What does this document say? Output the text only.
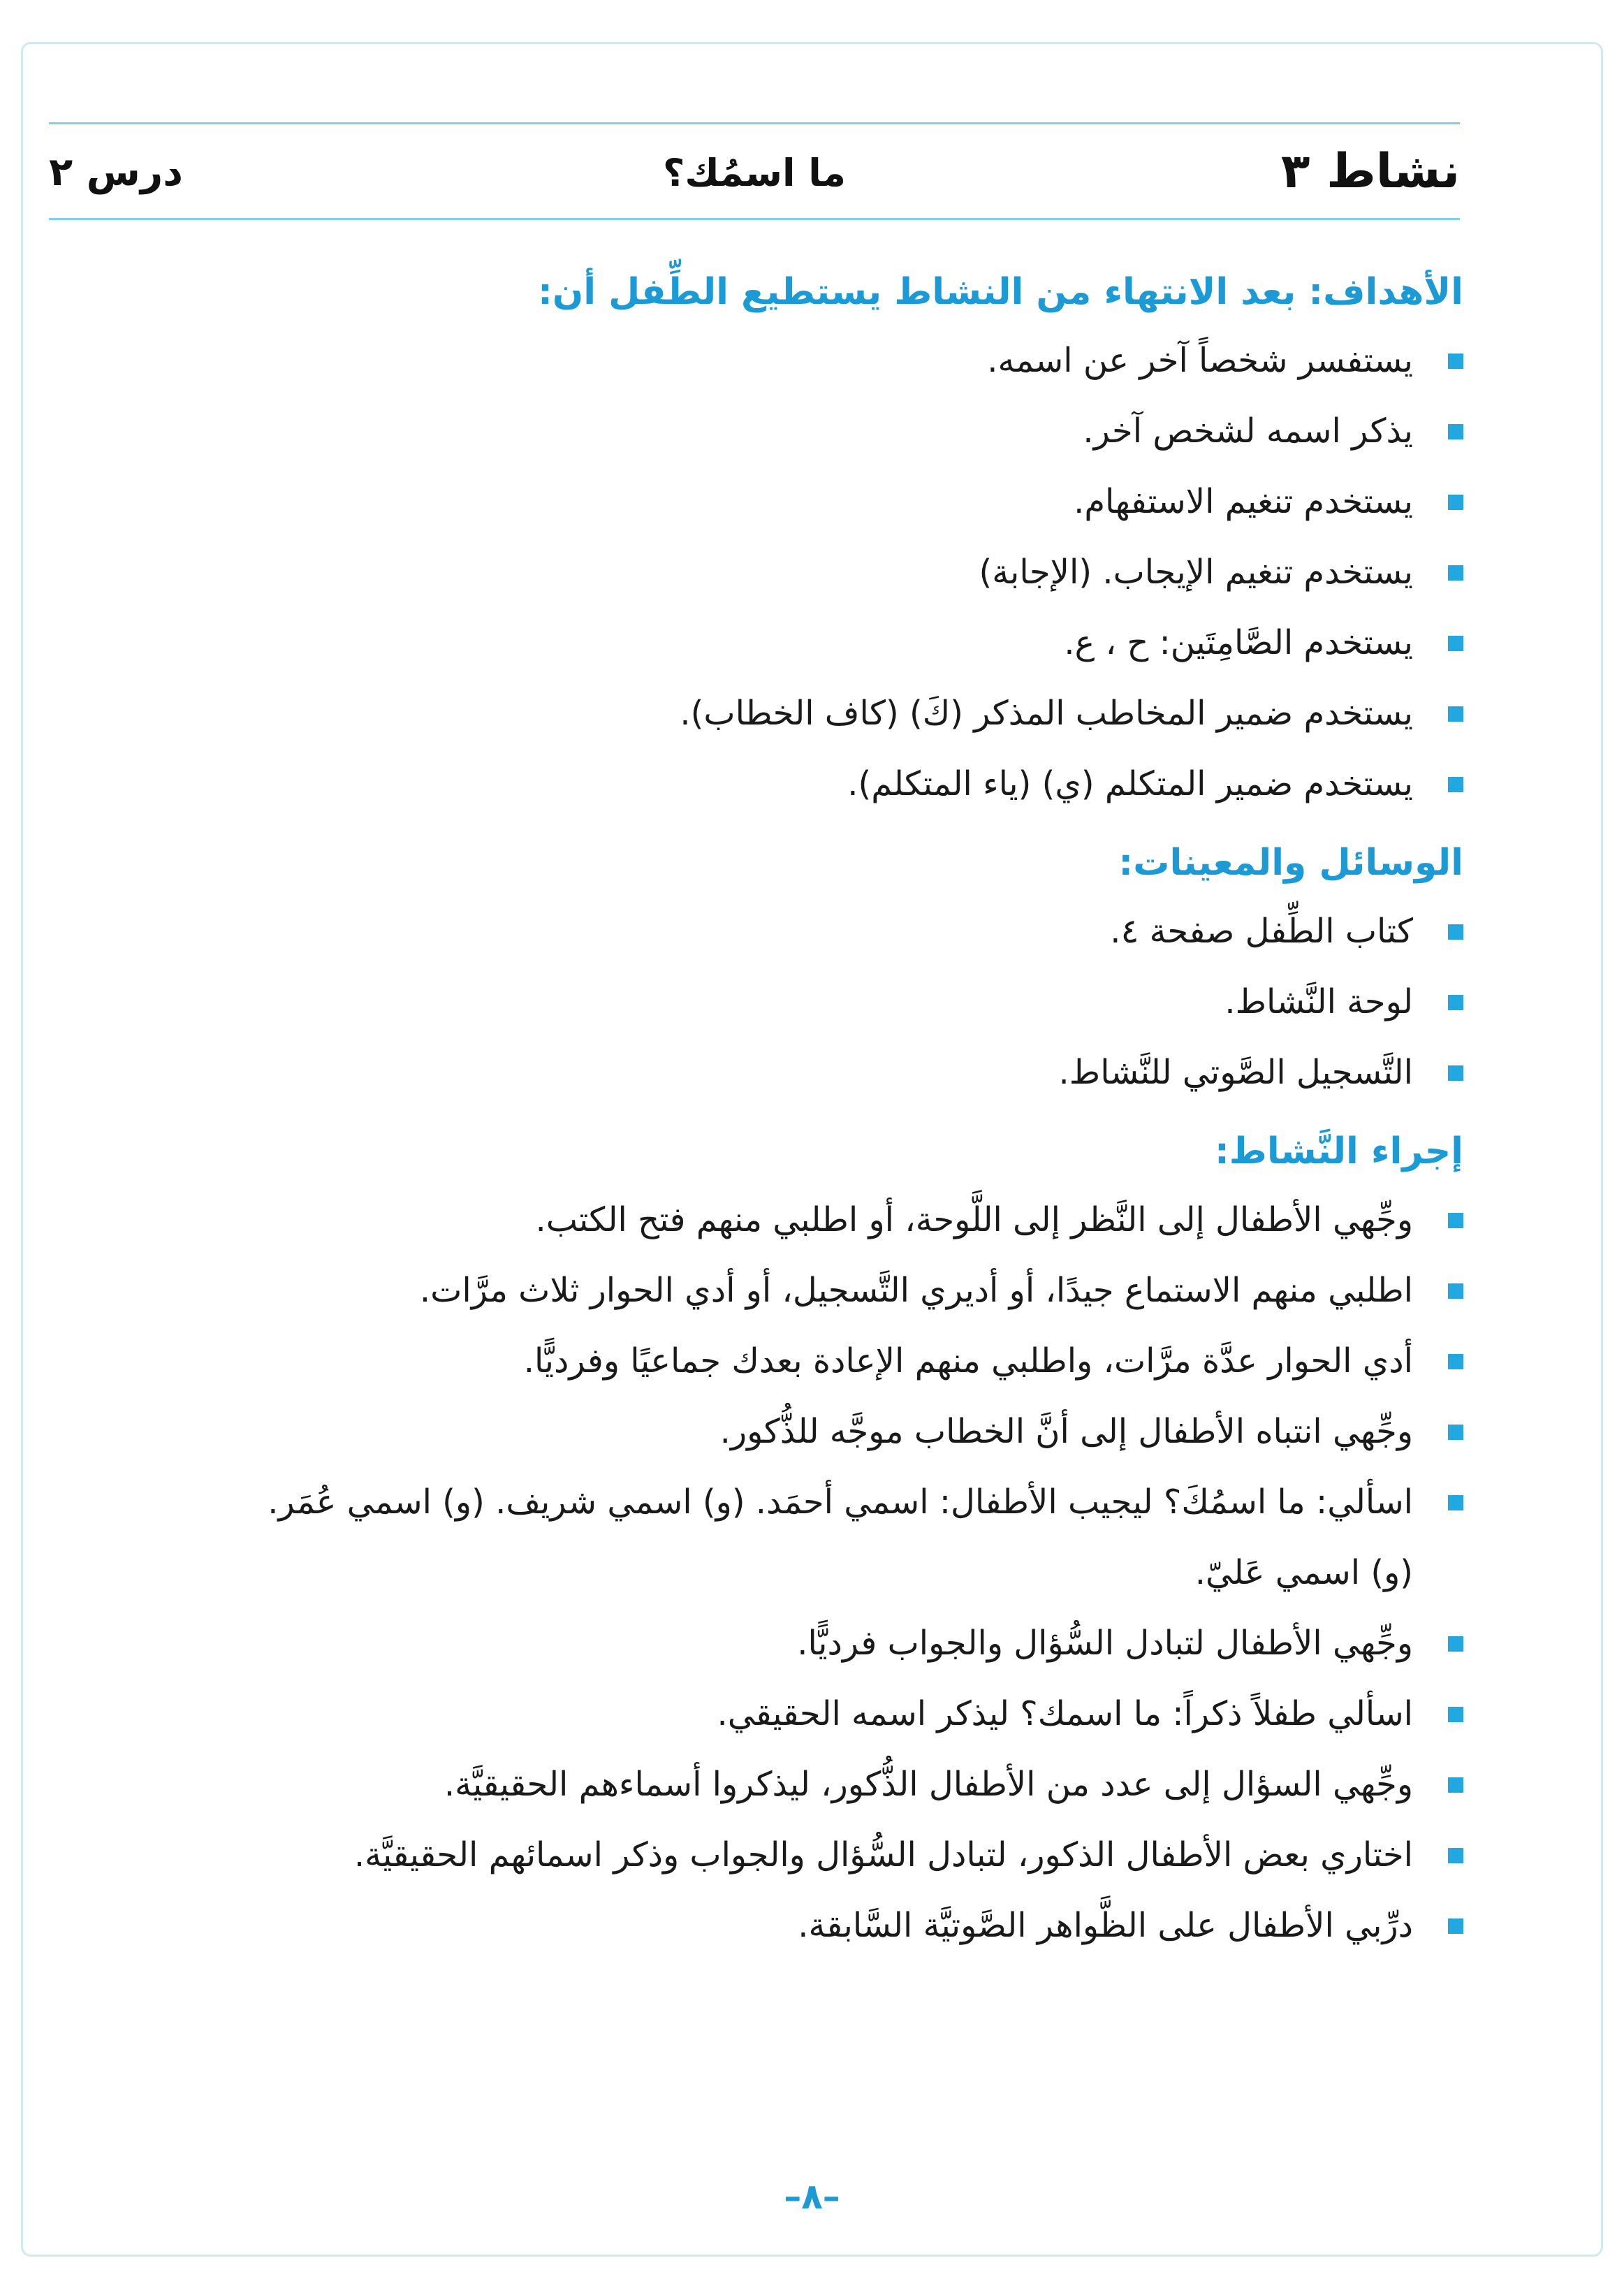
نشاط ٣
ما اسمُك؟
درس ٢
الأهداف: بعد الانتهاء من النشاط يستطيع الطِّفل أن:
يستفسر شخصاً آخر عن اسمه.
يذكر اسمه لشخص آخر.
يستخدم تنغيم الاستفهام.
يستخدم تنغيم الإيجاب. (الإجابة)
يستخدم الصَّامِتَين: ح ، ع.
يستخدم ضمير المخاطب المذكر (كَ) (كاف الخطاب).
يستخدم ضمير المتكلم (ي) (ياء المتكلم).
الوسائل والمعينات:
كتاب الطِّفل صفحة ٤.
لوحة النَّشاط.
التَّسجيل الصَّوتي للنَّشاط.
إجراء النَّشاط:
وجِّهي الأطفال إلى النَّظر إلى اللَّوحة، أو اطلبي منهم فتح الكتب.
اطلبي منهم الاستماع جيدًا، أو أديري التَّسجيل، أو أدي الحوار ثلاث مرَّات.
أدي الحوار عدَّة مرَّات، واطلبي منهم الإعادة بعدك جماعيًا وفرديًّا.
وجِّهي انتباه الأطفال إلى أنَّ الخطاب موجَّه للذُّكور.
اسألي: ما اسمُكَ؟ ليجيب الأطفال: اسمي أحمَد. (و) اسمي شريف. (و) اسمي عُمَر.
(و) اسمي عَليّ.
وجِّهي الأطفال لتبادل السُّؤال والجواب فرديًّا.
اسألي طفلاً ذكراً: ما اسمك؟ ليذكر اسمه الحقيقي.
وجِّهي السؤال إلى عدد من الأطفال الذُّكور، ليذكروا أسماءهم الحقيقيَّة.
اختاري بعض الأطفال الذكور، لتبادل السُّؤال والجواب وذكر اسمائهم الحقيقيَّة.
درِّبي الأطفال على الظَّواهر الصَّوتيَّة السَّابقة.
–٨–
